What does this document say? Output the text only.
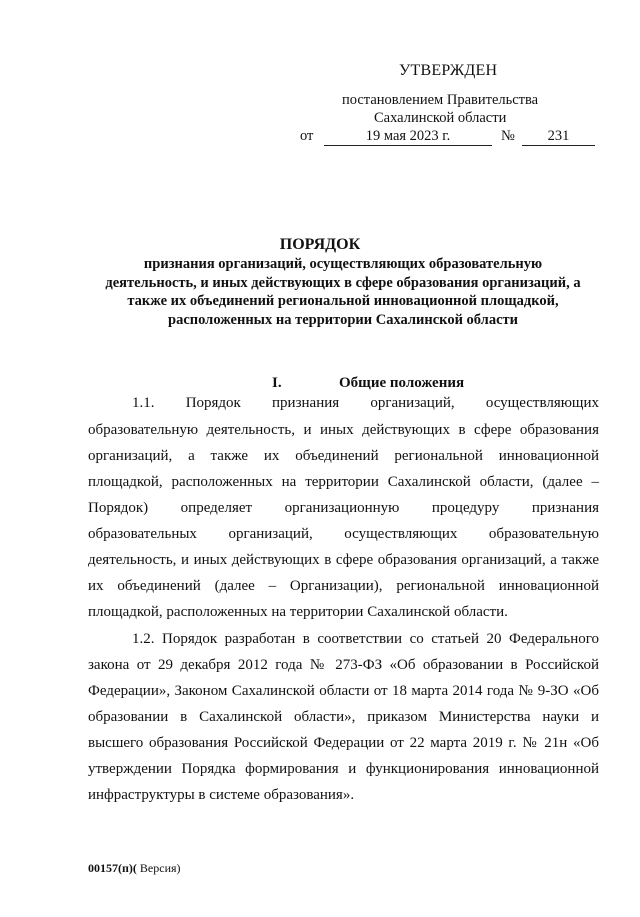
УТВЕРЖДЕН
постановлением Правительства
Сахалинской области
от	19 мая 2023 г.	№	231
ПОРЯДОК
признания организаций, осуществляющих образовательную
деятельность, и иных действующих в сфере образования организаций, а
также их объединений региональной инновационной площадкой,
расположенных на территории Сахалинской области
I.	Общие положения
1.1. Порядок признания организаций, осуществляющих
образовательную деятельность, и иных действующих в сфере образования
организаций, а также их объединений региональной инновационной
площадкой, расположенных на территории Сахалинской области, (далее –
Порядок) определяет организационную процедуру признания
образовательных организаций, осуществляющих образовательную
деятельность, и иных действующих в сфере образования организаций, а также
их объединений (далее – Организации), региональной инновационной
площадкой, расположенных на территории Сахалинской области.
1.2. Порядок разработан в соответствии со статьей 20 Федерального
закона от 29 декабря 2012 года № 273-ФЗ «Об образовании в Российской
Федерации», Законом Сахалинской области от 18 марта 2014 года № 9-ЗО «Об
образовании в Сахалинской области», приказом Министерства науки и
высшего образования Российской Федерации от 22 марта 2019 г. № 21н «Об
утверждении Порядка формирования и функционирования инновационной
инфраструктуры в системе образования».
00157(п)( Версия)
